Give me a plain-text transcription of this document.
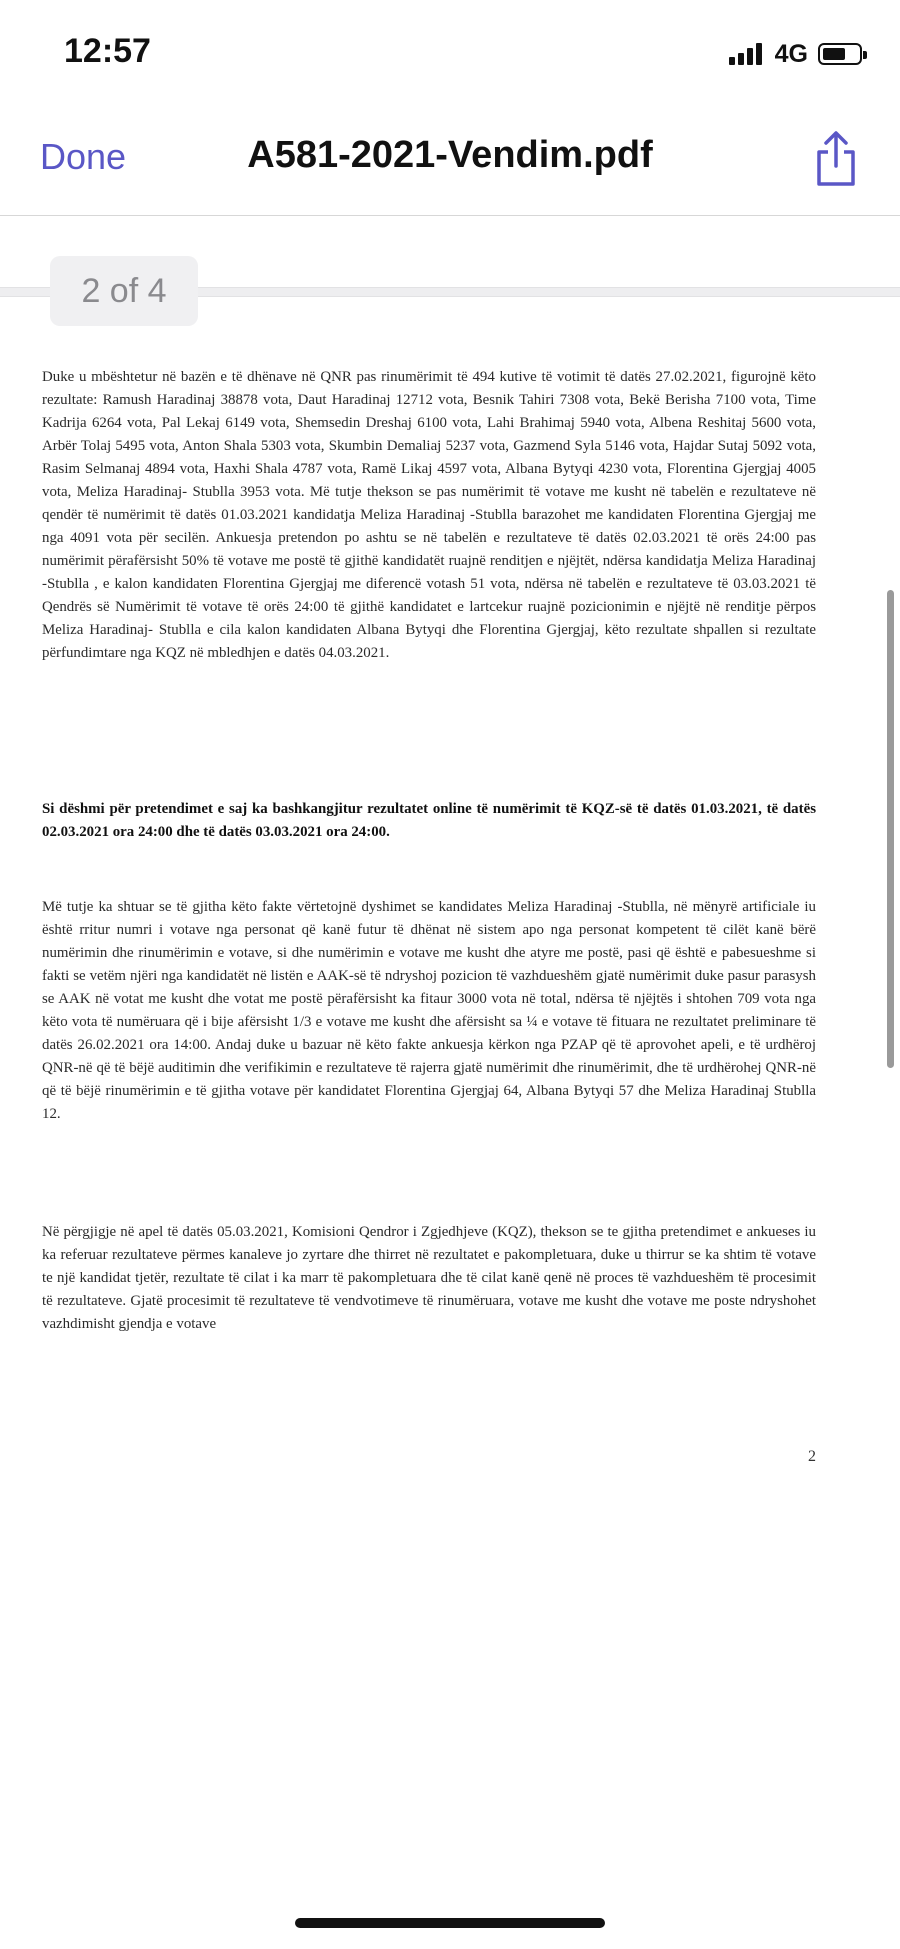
12:57	4G
Done	A581-2021-Vendim.pdf
2 of 4

Duke u mbështetur në bazën e të dhënave në QNR pas rinumërimit të 494 kutive të votimit të datës 27.02.2021, figurojnë këto rezultate: Ramush Haradinaj 38878 vota, Daut Haradinaj 12712 vota, Besnik Tahiri 7308 vota, Bekë Berisha 7100 vota, Time Kadrija 6264 vota, Pal Lekaj 6149 vota, Shemsedin Dreshaj 6100 vota, Lahi Brahimaj 5940 vota, Albena Reshitaj 5600 vota, Arbër Tolaj 5495 vota, Anton Shala 5303 vota, Skumbin Demaliaj 5237 vota, Gazmend Syla 5146 vota, Hajdar Sutaj 5092 vota, Rasim Selmanaj 4894 vota, Haxhi Shala 4787 vota, Ramë Likaj 4597 vota, Albana Bytyqi 4230 vota, Florentina Gjergjaj 4005 vota, Meliza Haradinaj- Stublla 3953 vota. Më tutje thekson se pas numërimit të votave me kusht në tabelën e rezultateve në qendër të numërimit të datës 01.03.2021 kandidatja Meliza Haradinaj -Stublla barazohet me kandidaten Florentina Gjergjaj me nga 4091 vota për secilën. Ankuesja pretendon po ashtu se në tabelën e rezultateve të datës 02.03.2021 të orës 24:00 pas numërimit përafërsisht 50% të votave me postë të gjithë kandidatët ruajnë renditjen e njëjtët, ndërsa kandidatja Meliza Haradinaj -Stublla , e kalon kandidaten Florentina Gjergjaj me diferencë votash 51 vota, ndërsa në tabelën e rezultateve të 03.03.2021 të Qendrës së Numërimit të votave të orës 24:00 të gjithë kandidatet e lartcekur ruajnë pozicionimin e njëjtë në renditje përpos Meliza Haradinaj- Stublla e cila kalon kandidaten Albana Bytyqi dhe Florentina Gjergjaj, këto rezultate shpallen si rezultate përfundimtare nga KQZ në mbledhjen e datës 04.03.2021.

Si dëshmi për pretendimet e saj ka bashkangjitur rezultatet online të numërimit të KQZ-së të datës 01.03.2021, të datës 02.03.2021 ora 24:00 dhe të datës 03.03.2021 ora 24:00.

Më tutje ka shtuar se të gjitha këto fakte vërtetojnë dyshimet se kandidates Meliza Haradinaj -Stublla, në mënyrë artificiale iu është rritur numri i votave nga personat që kanë futur të dhënat në sistem apo nga personat kompetent të cilët kanë bërë numërimin dhe rinumërimin e votave, si dhe numërimin e votave me kusht dhe atyre me postë, pasi që është e pabesueshme si fakti se vetëm njëri nga kandidatët në listën e AAK-së të ndryshoj pozicion të vazhdueshëm gjatë numërimit duke pasur parasysh se AAK në votat me kusht dhe votat me postë përafërsisht ka fitaur 3000 vota në total, ndërsa të njëjtës i shtohen 709 vota nga këto vota të numëruara që i bije afërsisht 1/3 e votave me kusht dhe afërsisht sa ¼ e votave të fituara ne rezultatet preliminare të datës 26.02.2021 ora 14:00. Andaj duke u bazuar në këto fakte ankuesja kërkon nga PZAP që të aprovohet apeli, e të urdhëroj QNR-në që të bëjë auditimin dhe verifikimin e rezultateve të rajerra gjatë numërimit dhe rinumërimit, dhe të urdhërohej QNR-në që të bëjë rinumërimin e të gjitha votave për kandidatet Florentina Gjergjaj 64, Albana Bytyqi 57 dhe Meliza Haradinaj Stublla 12.

Në përgjigje në apel të datës 05.03.2021, Komisioni Qendror i Zgjedhjeve (KQZ), thekson se te gjitha pretendimet e ankueses iu ka referuar rezultateve përmes kanaleve jo zyrtare dhe thirret në rezultatet e pakompletuara, duke u thirrur se ka shtim të votave te një kandidat tjetër, rezultate të cilat i ka marr të pakompletuara dhe të cilat kanë qenë në proces të vazhdueshëm të procesimit të rezultateve. Gjatë procesimit të rezultateve të vendvotimeve të rinumëruara, votave me kusht dhe votave me poste ndryshohet vazhdimisht gjendja e votave

2
